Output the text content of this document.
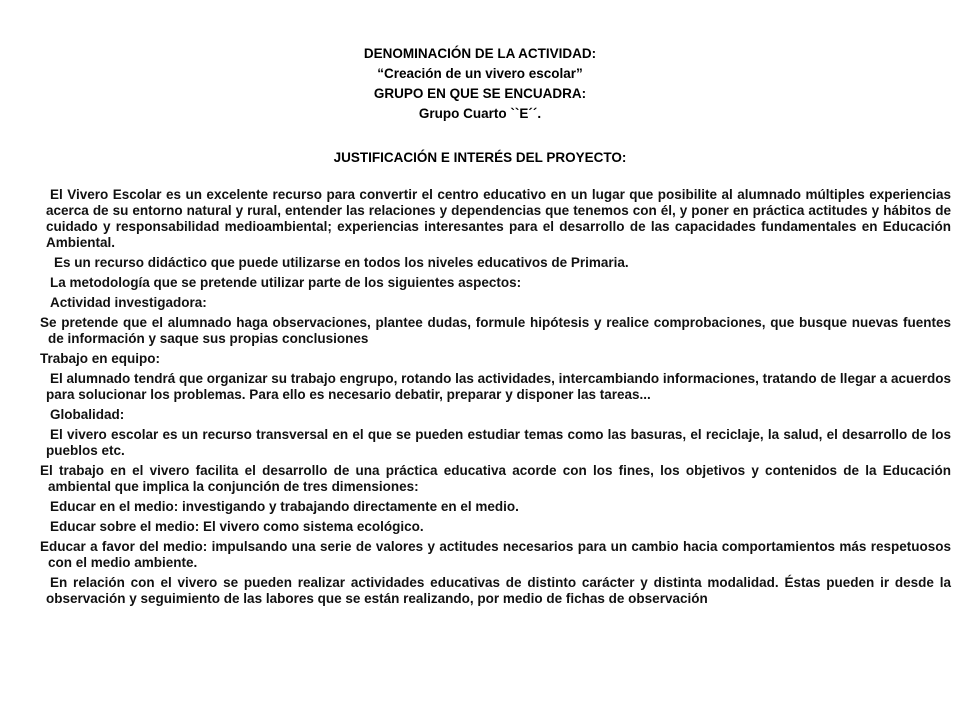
DENOMINACIÓN DE LA ACTIVIDAD:
“Creación de un vivero escolar”
GRUPO EN QUE SE ENCUADRA:
Grupo Cuarto ``E´´.
JUSTIFICACIÓN E INTERÉS DEL PROYECTO:

El Vivero Escolar es un excelente recurso para convertir el centro educativo en un lugar que posibilite al alumnado múltiples experiencias acerca de su entorno natural y rural, entender las relaciones y dependencias que tenemos con él, y poner en práctica actitudes y hábitos de cuidado y responsabilidad medioambiental; experiencias interesantes para el desarrollo de las capacidades fundamentales en Educación Ambiental.

Es un recurso didáctico que puede utilizarse en todos los niveles educativos de Primaria.

La metodología que se pretende utilizar parte de los siguientes aspectos:

Actividad investigadora:

Se pretende que el alumnado haga observaciones, plantee dudas, formule hipótesis y realice comprobaciones, que busque nuevas fuentes de información y saque sus propias conclusiones

Trabajo en equipo:

El alumnado tendrá que organizar su trabajo engrupo, rotando las actividades, intercambiando informaciones, tratando de llegar a acuerdos para solucionar los problemas. Para ello es necesario debatir, preparar y disponer las tareas...

Globalidad:

El vivero escolar es un recurso transversal en el que se pueden estudiar temas como las basuras, el reciclaje, la salud, el desarrollo de los pueblos etc.

El trabajo en el vivero facilita el desarrollo de una práctica educativa acorde con los fines, los objetivos y contenidos de la Educación ambiental que implica la conjunción de tres dimensiones:

Educar en el medio: investigando y trabajando directamente en el medio.

Educar sobre el medio: El vivero como sistema ecológico.

Educar a favor del medio: impulsando una serie de valores y actitudes necesarios para un cambio hacia comportamientos más respetuosos con el medio ambiente.

En relación con el vivero se pueden realizar actividades educativas de distinto carácter y distinta modalidad. Éstas pueden ir desde la observación y seguimiento de las labores que se están realizando, por medio de fichas de observación
